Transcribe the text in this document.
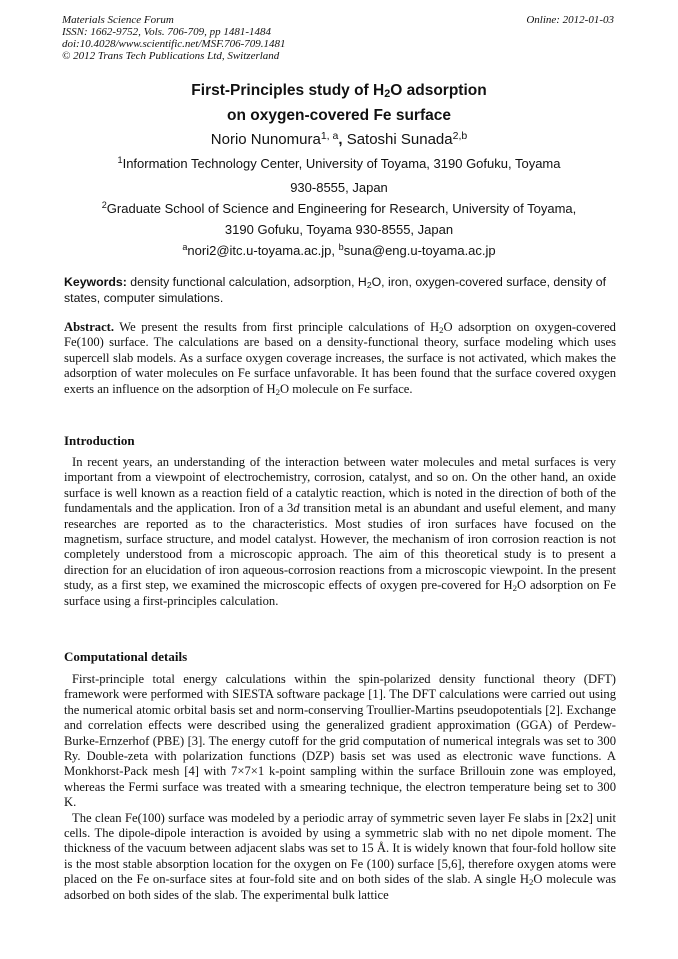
Materials Science Forum
ISSN: 1662-9752, Vols. 706-709, pp 1481-1484
doi:10.4028/www.scientific.net/MSF.706-709.1481
© 2012 Trans Tech Publications Ltd, Switzerland
Online: 2012-01-03
First-Principles study of $H_2O$ adsorption
on oxygen-covered Fe surface
Norio Nunomura$^{1, a}$, Satoshi Sunada$^{2,b}$
$^1$Information Technology Center, University of Toyama, 3190 Gofuku, Toyama
930-8555, Japan
$^2$Graduate School of Science and Engineering for Research, University of Toyama,
3190 Gofuku, Toyama 930-8555, Japan
$^a$nori2@itc.u-toyama.ac.jp, $^b$suna@eng.u-toyama.ac.jp
Keywords: density functional calculation, adsorption, $H_2O$, iron, oxygen-covered surface, density of states, computer simulations.

Abstract. We present the results from first principle calculations of $H_2O$ adsorption on oxygen-covered Fe(100) surface. The calculations are based on a density-functional theory, surface modeling which uses supercell slab models. As a surface oxygen coverage increases, the surface is not activated, which makes the adsorption of water molecules on Fe surface unfavorable. It has been found that the surface covered oxygen exerts an influence on the adsorption of $H_2O$ molecule on Fe surface.

Introduction

In recent years, an understanding of the interaction between water molecules and metal surfaces is very important from a viewpoint of electrochemistry, corrosion, catalyst, and so on. On the other hand, an oxide surface is well known as a reaction field of a catalytic reaction, which is noted in the direction of both of the fundamentals and the application. Iron of a 3d transition metal is an abundant and useful element, and many researches are reported as to the characteristics. Most studies of iron surfaces have focused on the magnetism, surface structure, and model catalyst. However, the mechanism of iron corrosion reaction is not completely understood from a microscopic approach. The aim of this theoretical study is to present a direction for an elucidation of iron aqueous-corrosion reactions from a microscopic viewpoint. In the present study, as a first step, we examined the microscopic effects of oxygen pre-covered for $H_2O$ adsorption on Fe surface using a first-principles calculation.

Computational details

First-principle total energy calculations within the spin-polarized density functional theory (DFT) framework were performed with SIESTA software package [1]. The DFT calculations were carried out using the numerical atomic orbital basis set and norm-conserving Troullier-Martins pseudopotentials [2]. Exchange and correlation effects were described using the generalized gradient approximation (GGA) of Perdew-Burke-Ernzerhof (PBE) [3]. The energy cutoff for the grid computation of numerical integrals was set to 300 Ry. Double-zeta with polarization functions (DZP) basis set was used as electronic wave functions. A Monkhorst-Pack mesh [4] with 7×7×1 k-point sampling within the surface Brillouin zone was employed, whereas the Fermi surface was treated with a smearing technique, the electron temperature being set to 300 K.

The clean Fe(100) surface was modeled by a periodic array of symmetric seven layer Fe slabs in [2x2] unit cells. The dipole-dipole interaction is avoided by using a symmetric slab with no net dipole moment. The thickness of the vacuum between adjacent slabs was set to 15 Å. It is widely known that four-fold hollow site is the most stable absorption location for the oxygen on Fe (100) surface [5,6], therefore oxygen atoms were placed on the Fe on-surface sites at four-fold site and on both sides of the slab. A single $H_2O$ molecule was adsorbed on both sides of the slab. The experimental bulk lattice
